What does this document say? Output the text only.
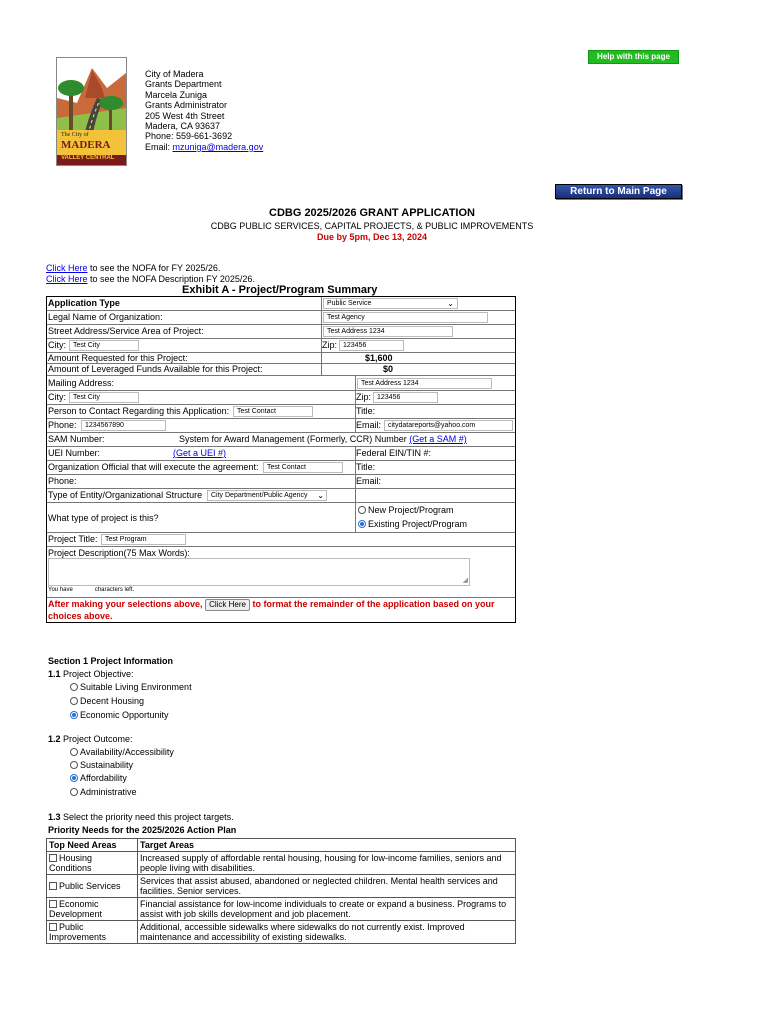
Help with this page
The City of
MADERA
VALLEY CENTRAL
City of Madera
Grants Department
Marcela Zuniga
Grants Administrator
205 West 4th Street
Madera, CA 93637
Phone: 559-661-3692
Email: mzuniga@madera.gov
Return to Main Page
CDBG 2025/2026 GRANT APPLICATION
CDBG PUBLIC SERVICES, CAPITAL PROJECTS, & PUBLIC IMPROVEMENTS
Due by 5pm, Dec 13, 2024
Click Here to see the NOFA for FY 2025/26.
Click Here to see the NOFA Description FY 2025/26.
Exhibit A - Project/Program Summary
Application Type	Public Service	⌄
Legal Name of Organization:	Test Agency
Street Address/Service Area of Project:	Test Address 1234
City:	Test City	Zip: 123456
Amount Requested for this Project:	$1,600
Amount of Leveraged Funds Available for this Project:	$0
Mailing Address:	Test Address 1234
City:	Test City	Zip: 123456
Person to Contact Regarding this Application:	Test Contact	Title:
Phone:	1234567890	Email: citydatareports@yahoo.com
SAM Number:	System for Award Management (Formerly, CCR) Number (Get a SAM #)
UEI Number:	(Get a UEI #)	Federal EIN/TIN #:
Organization Official that will execute the agreement:	Test Contact	Title:
Phone:	Email:
Type of Entity/Organizational Structure	City Department/Public Agency ⌄
What type of project is this?
New Project/Program
Existing Project/Program
Project Title:	Test Program
Project Description(75 Max Words):
◢
You have	characters left.
After making your selections above, Click Here to format the remainder of the application based on your
choices above.
Section 1 Project Information
1.1 Project Objective:
Suitable Living Environment
Decent Housing
Economic Opportunity
1.2 Project Outcome:
Availability/Accessibility
Sustainability
Affordability
Administrative
1.3 Select the priority need this project targets.
Priority Needs for the 2025/2026 Action Plan
Top Need Areas	Target Areas
Housing Conditions	Increased supply of affordable rental housing, housing for low-income families, seniors and people living with disabilities.
Public Services	Services that assist abused, abandoned or neglected children. Mental health services and facilities. Senior services.
Economic Development	Financial assistance for low-income individuals to create or expand a business. Programs to assist with job skills development and job placement.
Public Improvements	Additional, accessible sidewalks where sidewalks do not currently exist. Improved maintenance and accessibility of existing sidewalks.
